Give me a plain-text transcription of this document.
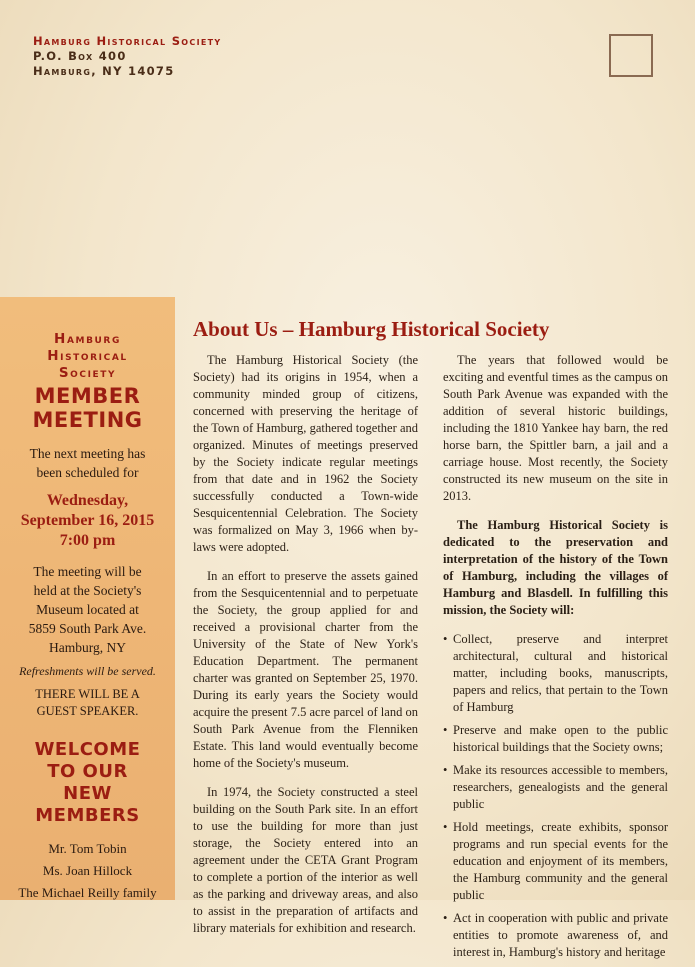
Hamburg Historical Society
P.O. Box 400
Hamburg, NY 14075
Hamburg Historical Society
MEMBER MEETING
The next meeting has been scheduled for
Wednesday,
September 16, 2015
7:00 pm
The meeting will be held at the Society's Museum located at 5859 South Park Ave. Hamburg, NY
Refreshments will be served.
THERE WILL BE A GUEST SPEAKER.
WELCOME TO OUR NEW MEMBERS
Mr. Tom Tobin
Ms. Joan Hillock
The Michael Reilly family
About Us – Hamburg Historical Society

The Hamburg Historical Society (the Society) had its origins in 1954, when a community minded group of citizens, concerned with preserving the heritage of the Town of Hamburg, gathered together and organized. Minutes of meetings preserved by the Society indicate regular meetings from that date and in 1962 the Society successfully conducted a Town-wide Sesquicentennial Celebration. The Society was formalized on May 3, 1966 when by-laws were adopted.

In an effort to preserve the assets gained from the Sesquicentennial and to perpetuate the Society, the group applied for and received a provisional charter from the University of the State of New York's Education Department. The permanent charter was granted on September 25, 1970. During its early years the Society would acquire the present 7.5 acre parcel of land on South Park Avenue from the Flenniken Estate. This land would eventually become home of the Society's museum.

In 1974, the Society constructed a steel building on the South Park site. In an effort to use the building for more than just storage, the Society entered into an agreement under the CETA Grant Program to complete a portion of the interior as well as the parking and driveway areas, and also to assist in the preparation of artifacts and library materials for exhibition and research.

The years that followed would be exciting and eventful times as the campus on South Park Avenue was expanded with the addition of several historic buildings, including the 1810 Yankee hay barn, the red horse barn, the Spittler barn, a jail and a carriage house. Most recently, the Society constructed its new museum on the site in 2013.

The Hamburg Historical Society is dedicated to the preservation and interpretation of the history of the Town of Hamburg, including the villages of Hamburg and Blasdell. In fulfilling this mission, the Society will:

• Collect, preserve and interpret architectural, cultural and historical matter, including books, manuscripts, papers and relics, that pertain to the Town of Hamburg
• Preserve and make open to the public historical buildings that the Society owns;
• Make its resources accessible to members, researchers, genealogists and the general public
• Hold meetings, create exhibits, sponsor programs and run special events for the education and enjoyment of its members, the Hamburg community and the general public
• Act in cooperation with public and private entities to promote awareness of, and interest in, Hamburg's history and heritage
